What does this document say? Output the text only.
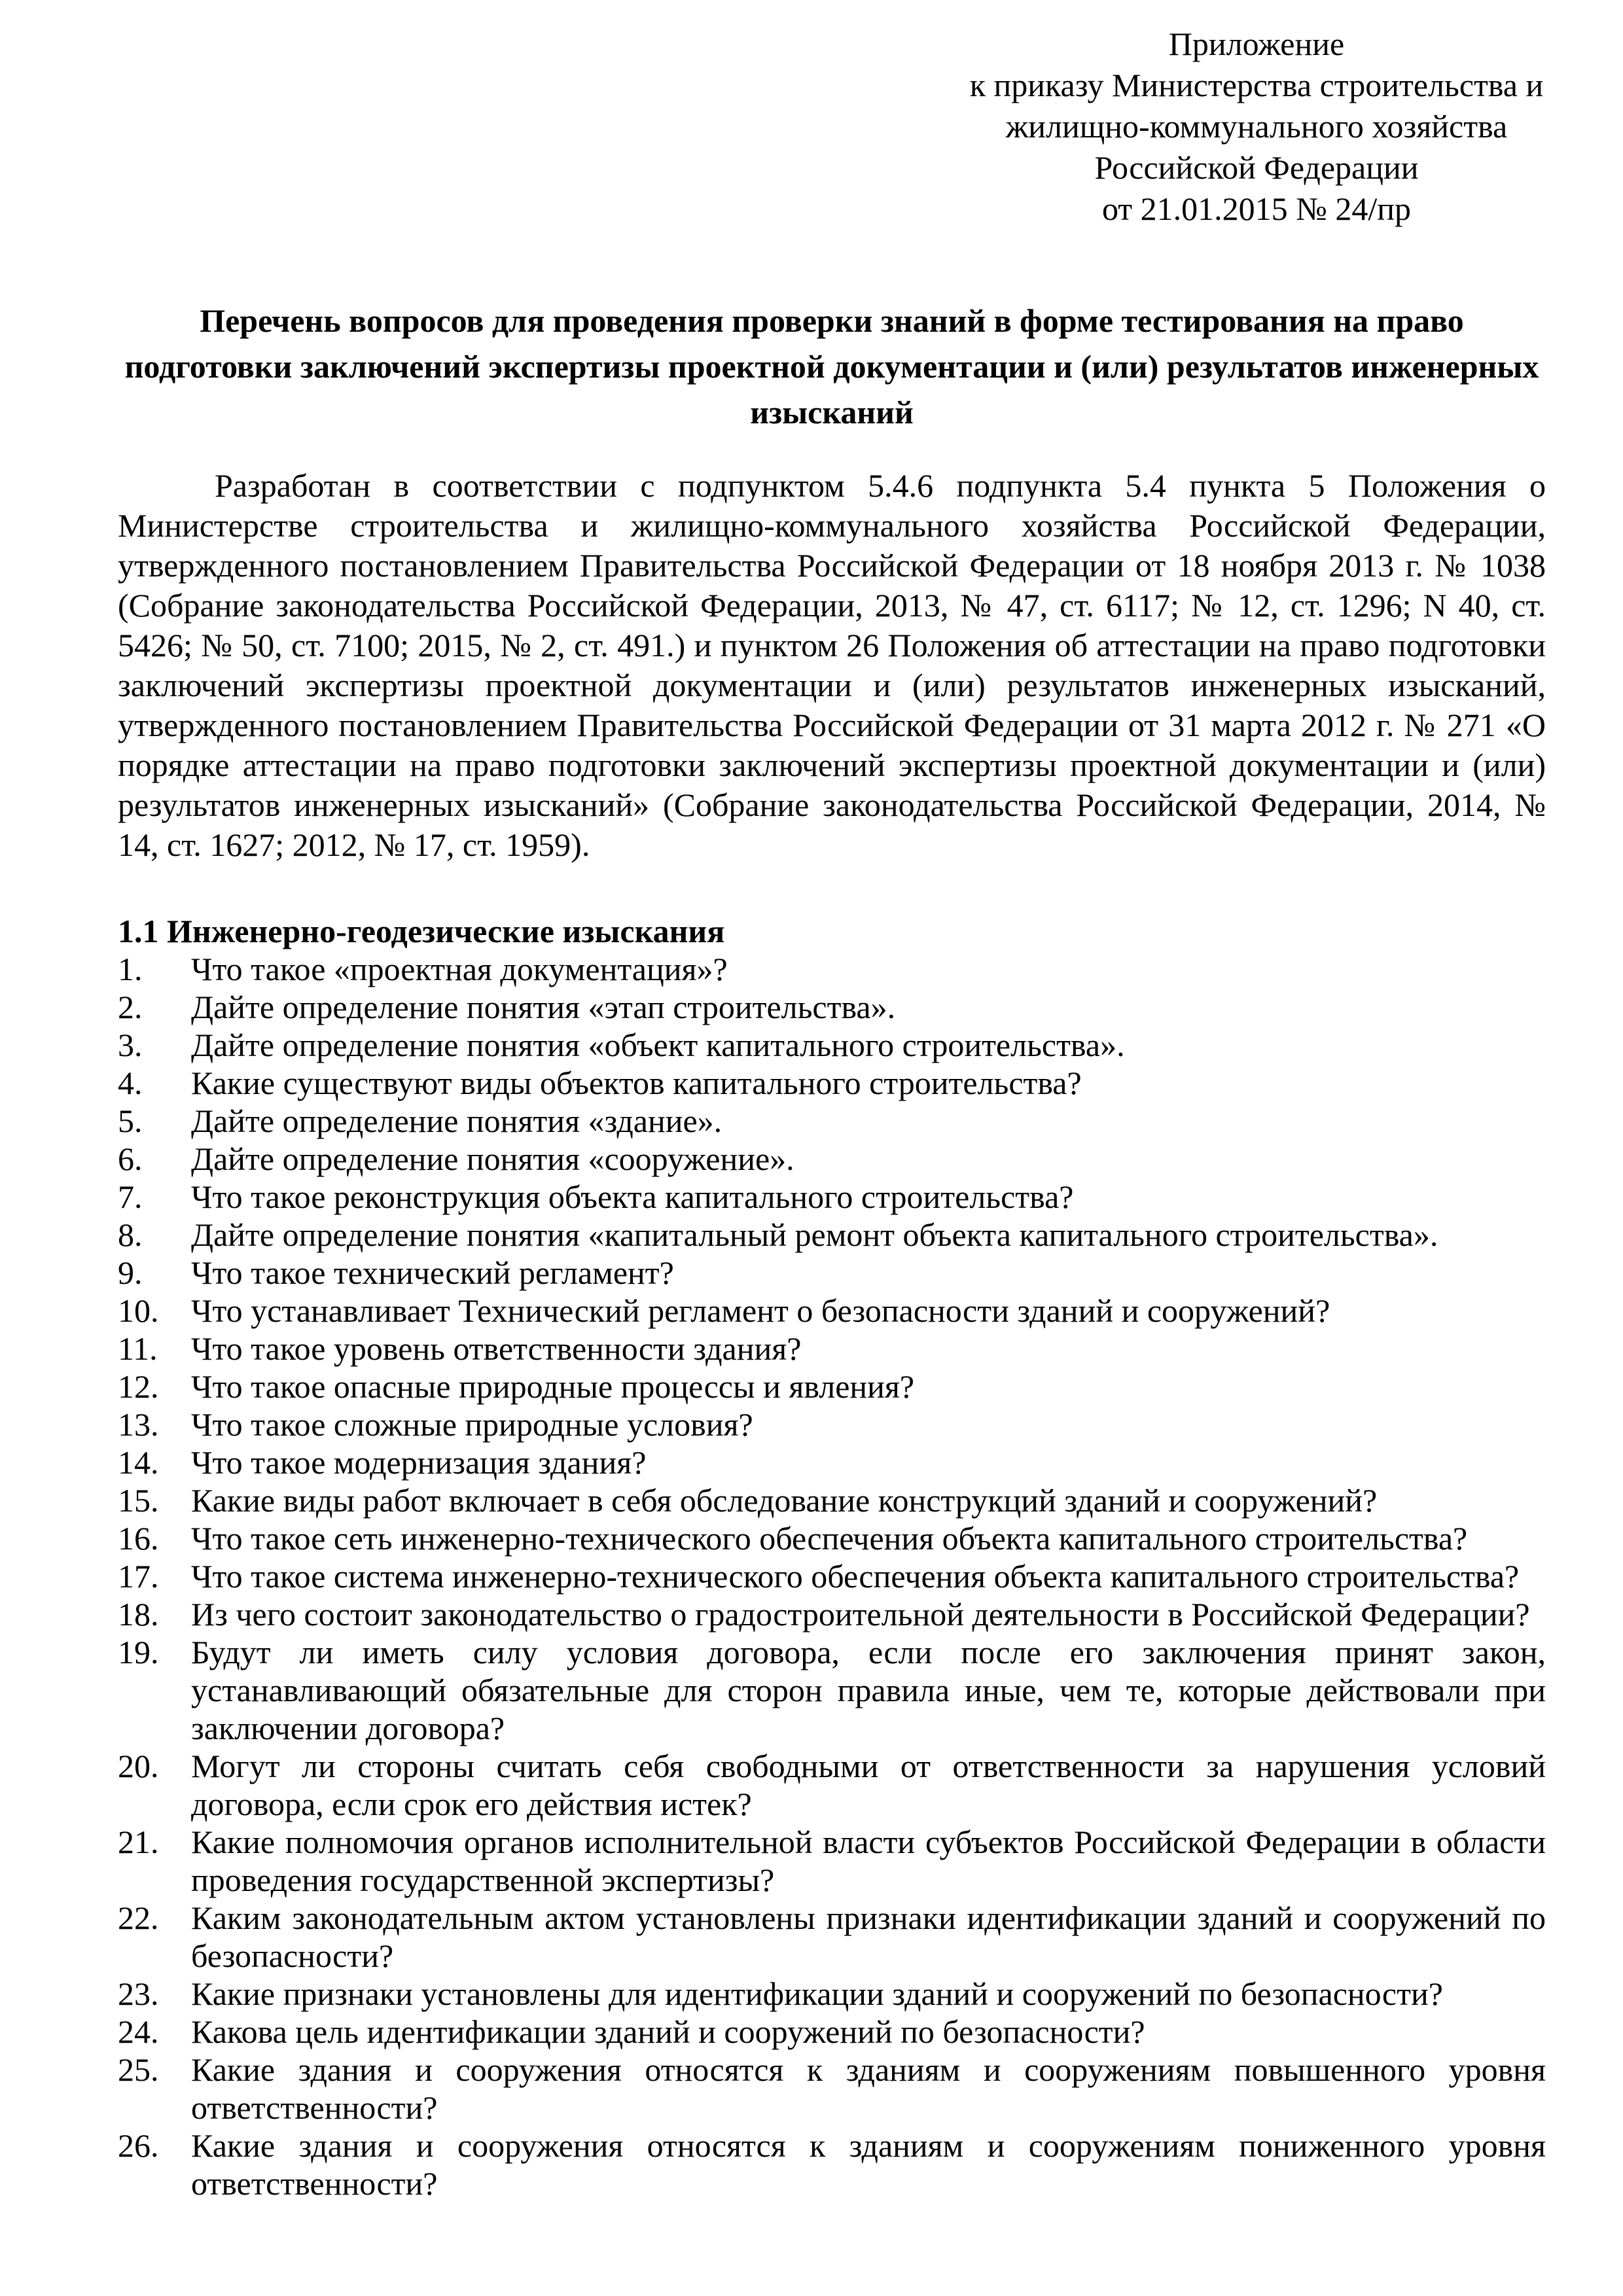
Приложение
к приказу Министерства строительства и
жилищно-коммунального хозяйства
Российской Федерации
от 21.01.2015 № 24/пр
Перечень вопросов для проведения проверки знаний в форме тестирования на право подготовки заключений экспертизы проектной документации и (или) результатов инженерных изысканий
Разработан в соответствии с подпунктом 5.4.6 подпункта 5.4 пункта 5 Положения о Министерстве строительства и жилищно-коммунального хозяйства Российской Федерации, утвержденного постановлением Правительства Российской Федерации от 18 ноября 2013 г. № 1038 (Собрание законодательства Российской Федерации, 2013, № 47, ст. 6117; № 12, ст. 1296; N 40, ст. 5426; № 50, ст. 7100; 2015, № 2, ст. 491.) и пунктом 26 Положения об аттестации на право подготовки заключений экспертизы проектной документации и (или) результатов инженерных изысканий, утвержденного постановлением Правительства Российской Федерации от 31 марта 2012 г. № 271 «О порядке аттестации на право подготовки заключений экспертизы проектной документации и (или) результатов инженерных изысканий» (Собрание законодательства Российской Федерации, 2014, № 14, ст. 1627; 2012, № 17, ст. 1959).
1.1 Инженерно-геодезические изыскания
1.	Что такое «проектная документация»?
2.	Дайте определение понятия «этап строительства».
3.	Дайте определение понятия «объект капитального строительства».
4.	Какие существуют виды объектов капитального строительства?
5.	Дайте определение понятия «здание».
6.	Дайте определение понятия «сооружение».
7.	Что такое реконструкция объекта капитального строительства?
8.	Дайте определение понятия «капитальный ремонт объекта капитального строительства».
9.	Что такое технический регламент?
10. Что устанавливает Технический регламент о безопасности зданий и сооружений?
11.	Что такое уровень ответственности здания?
12. Что такое опасные природные процессы и явления?
13. Что такое сложные природные условия?
14. Что такое модернизация здания?
15. Какие виды работ включает в себя обследование конструкций зданий и сооружений?
16. Что такое сеть инженерно-технического обеспечения объекта капитального строительства?
17. Что такое система инженерно-технического обеспечения объекта капитального строительства?
18. Из чего состоит законодательство о градостроительной деятельности в Российской Федерации?
19. Будут ли иметь силу условия договора, если после его заключения принят закон, устанавливающий обязательные для сторон правила иные, чем те, которые действовали при заключении договора?
20. Могут ли стороны считать себя свободными от ответственности за нарушения условий договора, если срок его действия истек?
21. Какие полномочия органов исполнительной власти субъектов Российской Федерации в области проведения государственной экспертизы?
22. Каким законодательным актом установлены признаки идентификации зданий и сооружений по безопасности?
23. Какие признаки установлены для идентификации зданий и сооружений по безопасности?
24. Какова цель идентификации зданий и сооружений по безопасности?
25. Какие здания и сооружения относятся к зданиям и сооружениям повышенного уровня ответственности?
26. Какие здания и сооружения относятся к зданиям и сооружениям пониженного уровня ответственности?
